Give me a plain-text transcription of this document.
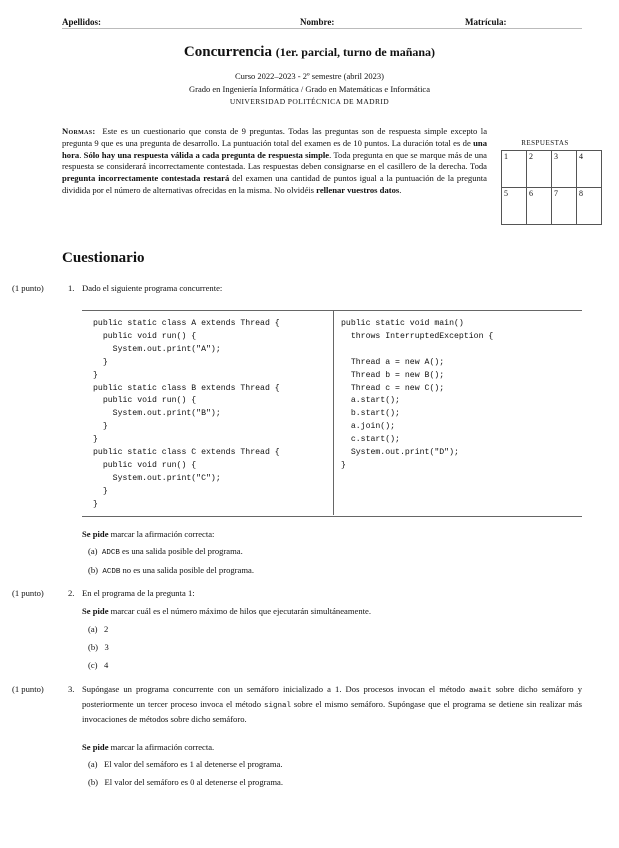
Apellidos:	Nombre:	Matrícula:
Concurrencia (1er. parcial, turno de mañana)
Curso 2022–2023 - 2º semestre (abril 2023)
Grado en Ingeniería Informática / Grado en Matemáticas e Informática
UNIVERSIDAD POLITÉCNICA DE MADRID
Normas: Este es un cuestionario que consta de 9 preguntas. Todas las preguntas son de respuesta simple excepto la pregunta 9 que es una pregunta de desarrollo. La puntuación total del examen es de 10 puntos. La duración total es de una hora. Sólo hay una respuesta válida a cada pregunta de respuesta simple. Toda pregunta en que se marque más de una respuesta se considerará incorrectamente contestada. Las respuestas deben consignarse en el casillero de la derecha. Toda pregunta incorrectamente contestada restará del examen una cantidad de puntos igual a la puntuación de la pregunta dividida por el número de alternativas ofrecidas en la misma. No olvidéis rellenar vuestros datos.
RESPUESTAS
1	2	3	4
5	6	7	8
Cuestionario
(1 punto)	1. Dado el siguiente programa concurrente:
public static class A extends Thread {
public void run() {
System.out.print("A");
}
}
public static class B extends Thread {
public void run() {
System.out.print("B");
}
}
public static class C extends Thread {
public void run() {
System.out.print("C");
}
}
public static void main()
throws InterruptedException {

Thread a = new A();
Thread b = new B();
Thread c = new C();
a.start();
b.start();
a.join();
c.start();
System.out.print("D");
}
Se pide marcar la afirmación correcta:
(a) ADCB es una salida posible del programa.
(b) ACDB no es una salida posible del programa.
(1 punto)	2. En el programa de la pregunta 1:
Se pide marcar cuál es el número máximo de hilos que ejecutarán simultáneamente.
(a) 2
(b) 3
(c) 4
(1 punto)	3. Supóngase un programa concurrente con un semáforo inicializado a 1. Dos procesos invocan el método await sobre dicho semáforo y posteriormente un tercer proceso invoca el método signal sobre el mismo semáforo. Supóngase que el programa se detiene sin realizar más invocaciones de métodos sobre dicho semáforo.
Se pide marcar la afirmación correcta.
(a) El valor del semáforo es 1 al detenerse el programa.
(b) El valor del semáforo es 0 al detenerse el programa.
